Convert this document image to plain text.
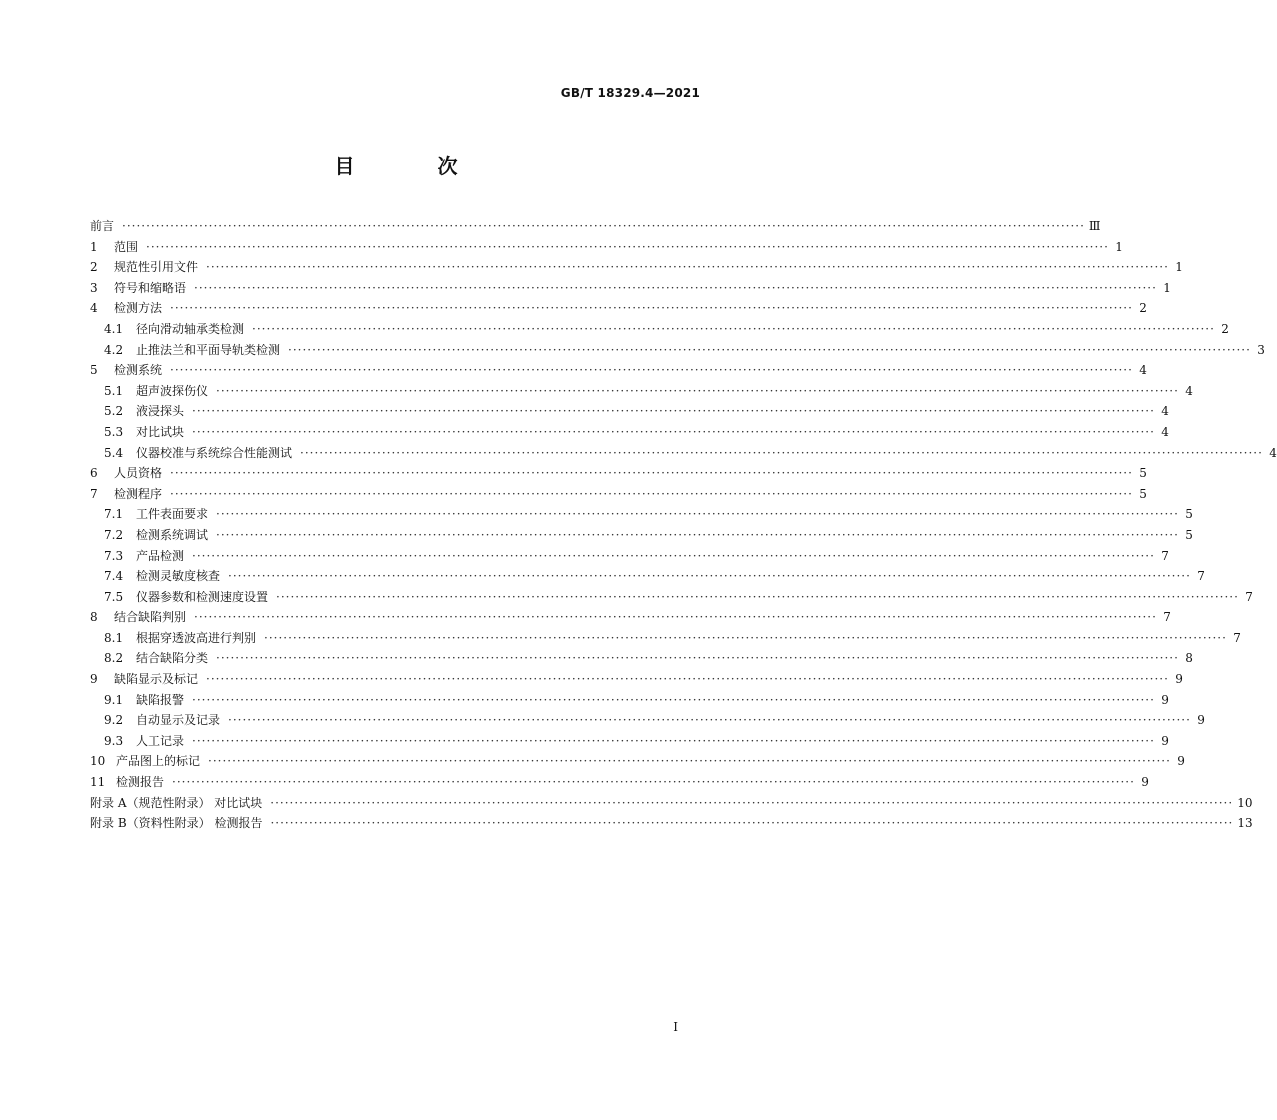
GB/T 18329.4—2021
目 次
前言 ········································································································································································································ Ⅲ
1 范围 ········································································································································································································ 1
2 规范性引用文件 ········································································································································································································ 1
3 符号和缩略语 ········································································································································································································ 1
4 检测方法 ········································································································································································································ 2
4.1 径向滑动轴承类检测 ········································································································································································································ 2
4.2 止推法兰和平面导轨类检测 ········································································································································································································ 3
5 检测系统 ········································································································································································································ 4
5.1 超声波探伤仪 ········································································································································································································ 4
5.2 液浸探头 ········································································································································································································ 4
5.3 对比试块 ········································································································································································································ 4
5.4 仪器校准与系统综合性能测试 ········································································································································································································ 4
6 人员资格 ········································································································································································································ 5
7 检测程序 ········································································································································································································ 5
7.1 工件表面要求 ········································································································································································································ 5
7.2 检测系统调试 ········································································································································································································ 5
7.3 产品检测 ········································································································································································································ 7
7.4 检测灵敏度核查 ········································································································································································································ 7
7.5 仪器参数和检测速度设置 ········································································································································································································ 7
8 结合缺陷判别 ········································································································································································································ 7
8.1 根据穿透波高进行判别 ········································································································································································································ 7
8.2 结合缺陷分类 ········································································································································································································ 8
9 缺陷显示及标记 ········································································································································································································ 9
9.1 缺陷报警 ········································································································································································································ 9
9.2 自动显示及记录 ········································································································································································································ 9
9.3 人工记录 ········································································································································································································ 9
10 产品图上的标记 ········································································································································································································ 9
11 检测报告 ········································································································································································································ 9
附录 A（规范性附录） 对比试块 ········································································································································································································ 10
附录 B（资料性附录） 检测报告 ········································································································································································································ 13
I
